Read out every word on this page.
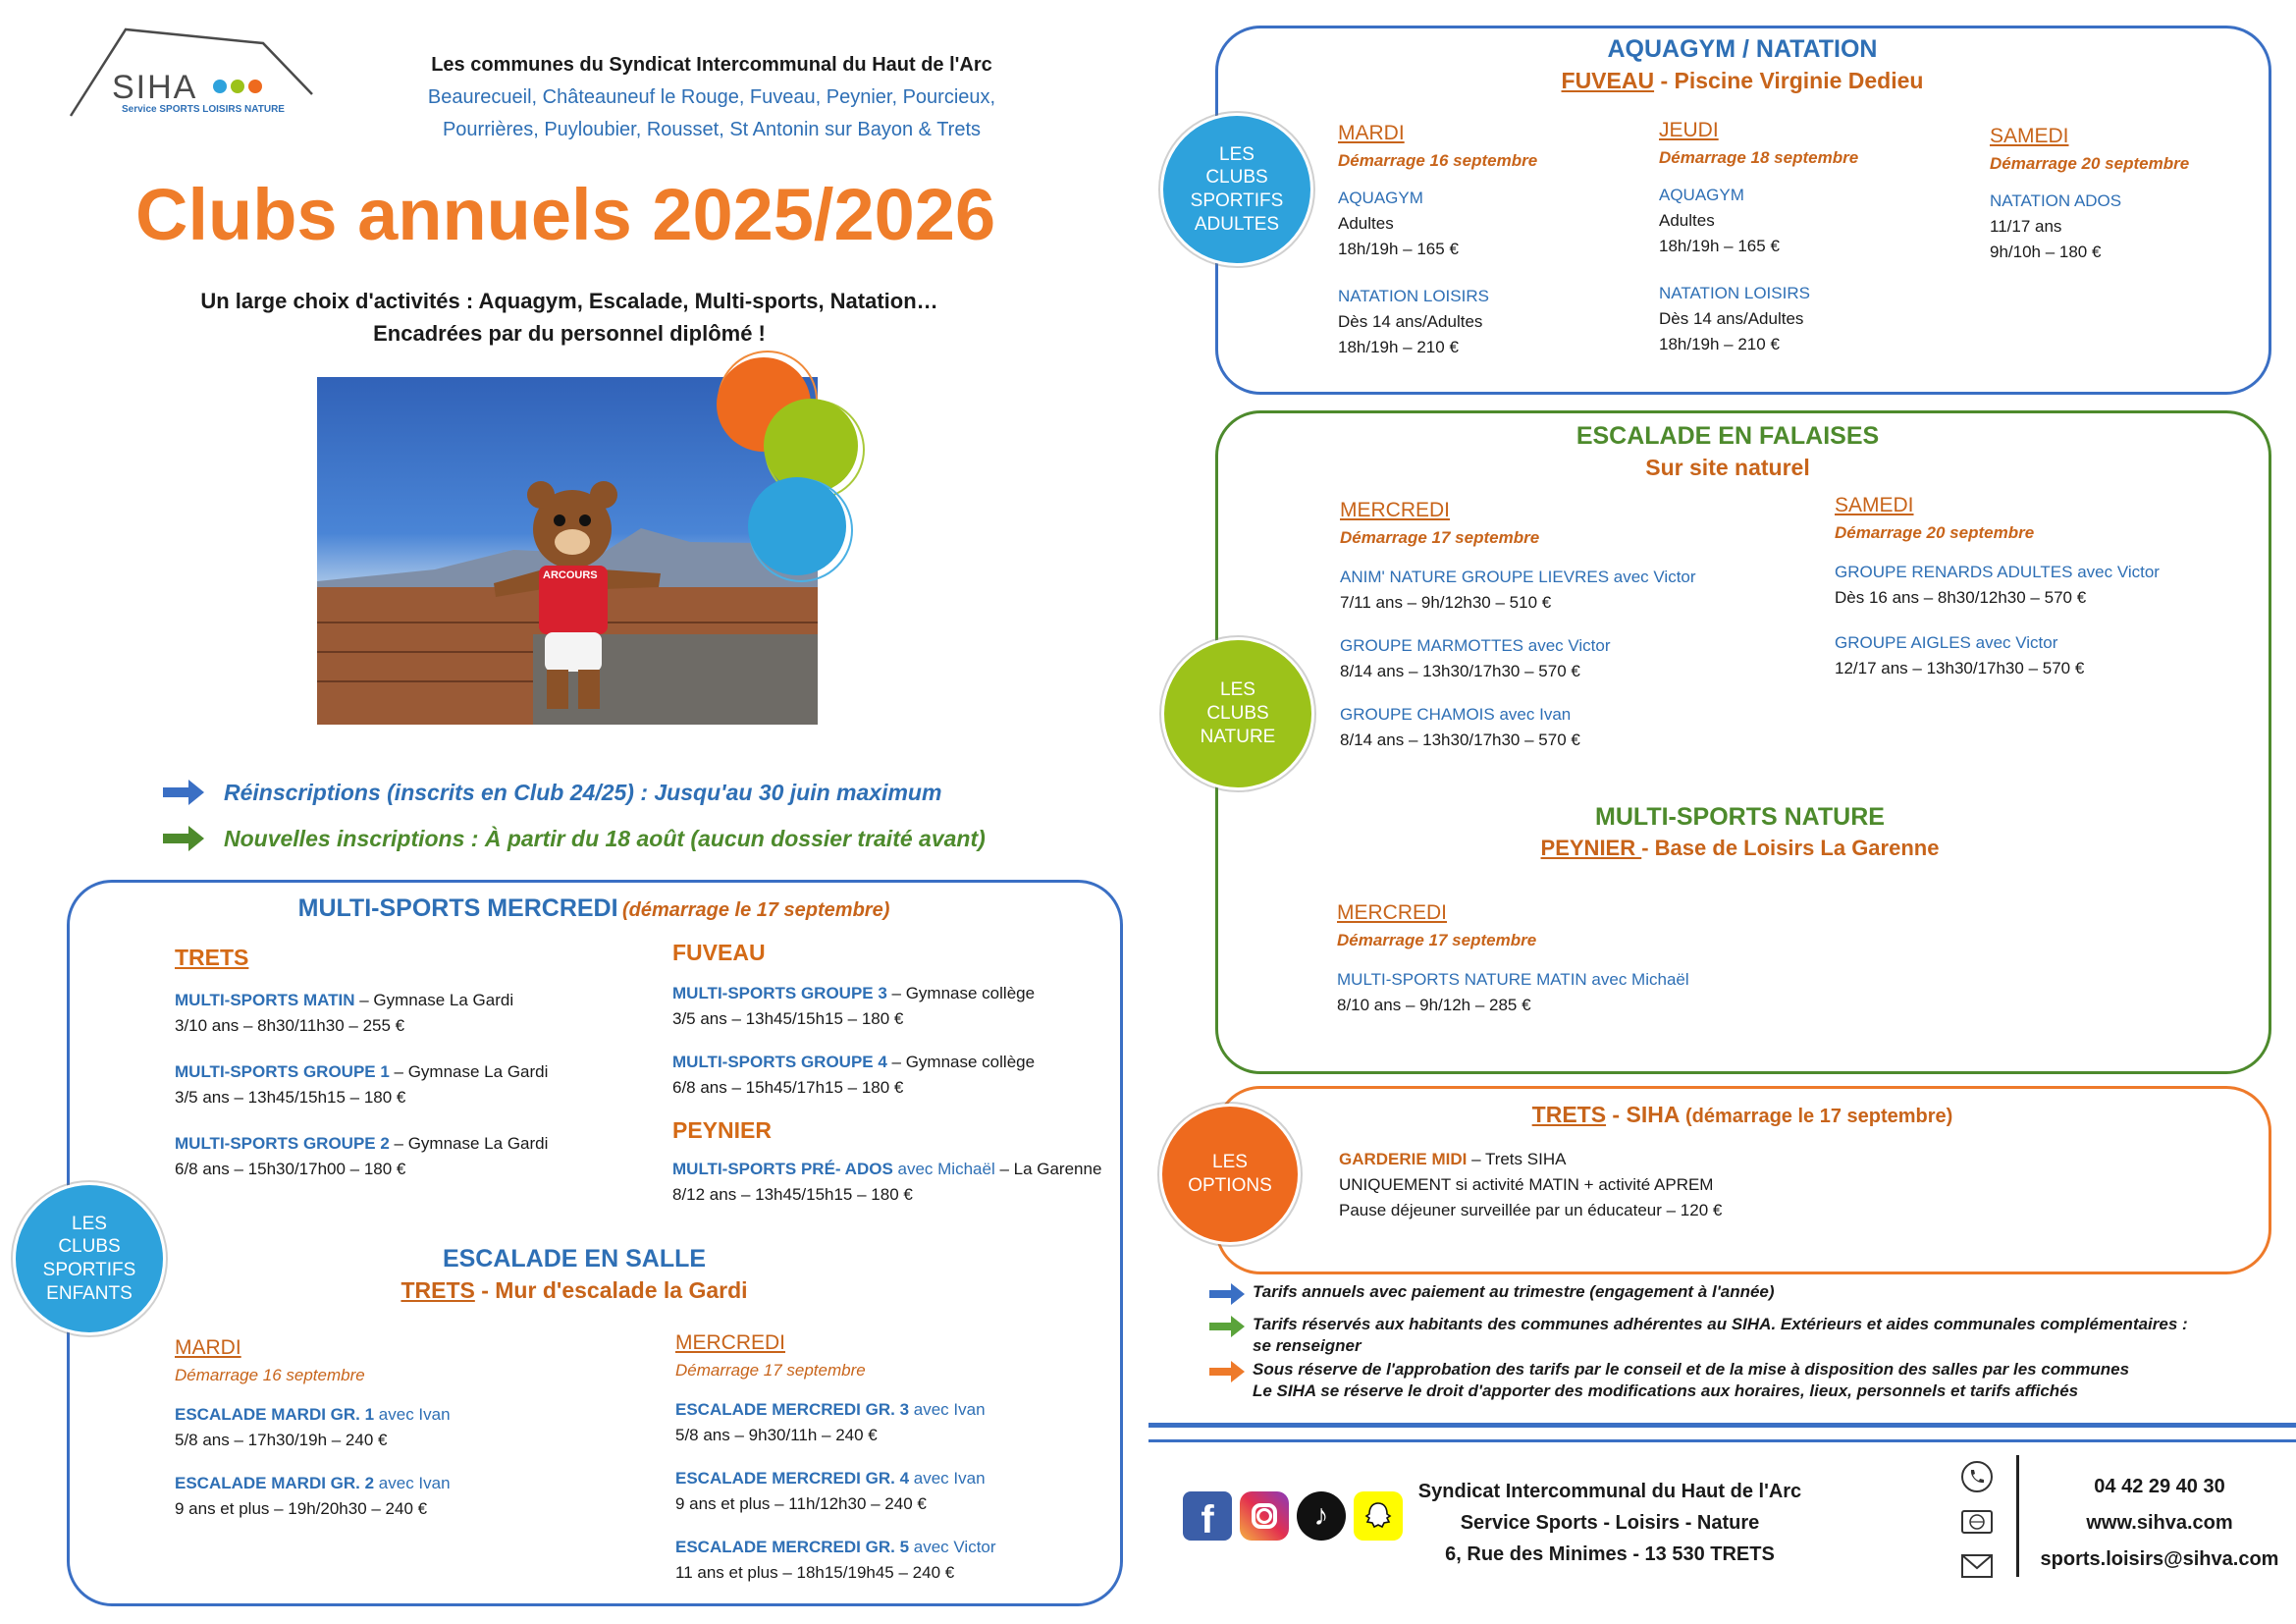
SIHA
Service SPORTS LOISIRS NATURE
Les communes du Syndicat Intercommunal du Haut de l'Arc
Beaurecueil, Châteauneuf le Rouge, Fuveau, Peynier, Pourcieux,
Pourrières, Puyloubier, Rousset, St Antonin sur Bayon & Trets
Clubs annuels 2025/2026
Un large choix d'activités : Aquagym, Escalade, Multi-sports, Natation…
Encadrées par du personnel diplômé !
ARCOURS
Réinscriptions (inscrits en Club 24/25) : Jusqu'au 30 juin maximum
Nouvelles inscriptions : À partir du 18 août (aucun dossier traité avant)
MULTI-SPORTS MERCREDI (démarrage le 17 septembre)
TRETS
MULTI-SPORTS MATIN – Gymnase La Gardi
3/10 ans – 8h30/11h30 – 255 €
MULTI-SPORTS GROUPE 1 – Gymnase La Gardi
3/5 ans – 13h45/15h15 – 180 €
MULTI-SPORTS GROUPE 2 – Gymnase La Gardi
6/8 ans – 15h30/17h00 – 180 €
FUVEAU
MULTI-SPORTS GROUPE 3 – Gymnase collège
3/5 ans – 13h45/15h15 – 180 €
MULTI-SPORTS GROUPE 4 – Gymnase collège
6/8 ans – 15h45/17h15 – 180 €
PEYNIER
MULTI-SPORTS PRÉ- ADOS avec Michaël – La Garenne
8/12 ans – 13h45/15h15 – 180 €
ESCALADE EN SALLE
TRETS - Mur d'escalade la Gardi
MARDI
Démarrage 16 septembre
ESCALADE MARDI GR. 1 avec Ivan
5/8 ans – 17h30/19h – 240 €
ESCALADE MARDI GR. 2 avec Ivan
9 ans et plus – 19h/20h30 – 240 €
MERCREDI
Démarrage 17 septembre
ESCALADE MERCREDI GR. 3 avec Ivan
5/8 ans – 9h30/11h – 240 €
ESCALADE MERCREDI GR. 4 avec Ivan
9 ans et plus – 11h/12h30 – 240 €
ESCALADE MERCREDI GR. 5 avec Victor
11 ans et plus – 18h15/19h45 – 240 €
LES
CLUBS
SPORTIFS
ENFANTS
AQUAGYM / NATATION
FUVEAU - Piscine Virginie Dedieu
MARDI
Démarrage 16 septembre
AQUAGYM
Adultes
18h/19h – 165 €
NATATION LOISIRS
Dès 14 ans/Adultes
18h/19h – 210 €
JEUDI
Démarrage 18 septembre
AQUAGYM
Adultes
18h/19h – 165 €
NATATION LOISIRS
Dès 14 ans/Adultes
18h/19h – 210 €
SAMEDI
Démarrage 20 septembre
NATATION ADOS
11/17 ans
9h/10h – 180 €
LES
CLUBS
SPORTIFS
ADULTES
ESCALADE EN FALAISES
Sur site naturel
MERCREDI
Démarrage 17 septembre
ANIM' NATURE GROUPE LIEVRES avec Victor
7/11 ans – 9h/12h30 – 510 €
GROUPE MARMOTTES avec Victor
8/14 ans – 13h30/17h30 – 570 €
GROUPE CHAMOIS avec Ivan
8/14 ans – 13h30/17h30 – 570 €
SAMEDI
Démarrage 20 septembre
GROUPE RENARDS ADULTES avec Victor
Dès 16 ans – 8h30/12h30 – 570 €
GROUPE AIGLES avec Victor
12/17 ans – 13h30/17h30 – 570 €
MULTI-SPORTS NATURE
PEYNIER - Base de Loisirs La Garenne
MERCREDI
Démarrage 17 septembre
MULTI-SPORTS NATURE MATIN avec Michaël
8/10 ans – 9h/12h – 285 €
LES
CLUBS
NATURE
TRETS - SIHA (démarrage le 17 septembre)
GARDERIE MIDI – Trets SIHA
UNIQUEMENT si activité MATIN + activité APREM
Pause déjeuner surveillée par un éducateur – 120 €
LES
OPTIONS
Tarifs annuels avec paiement au trimestre (engagement à l'année)
Tarifs réservés aux habitants des communes adhérentes au SIHA. Extérieurs et aides communales complémentaires :
se renseigner
Sous réserve de l'approbation des tarifs par le conseil et de la mise à disposition des salles par les communes
Le SIHA se réserve le droit d'apporter des modifications aux horaires, lieux, personnels et tarifs affichés
f	♪
Syndicat Intercommunal du Haut de l'Arc
Service Sports - Loisirs - Nature
6, Rue des Minimes - 13 530 TRETS

04 42 29 40 30
www.sihva.com
sports.loisirs@sihva.com
